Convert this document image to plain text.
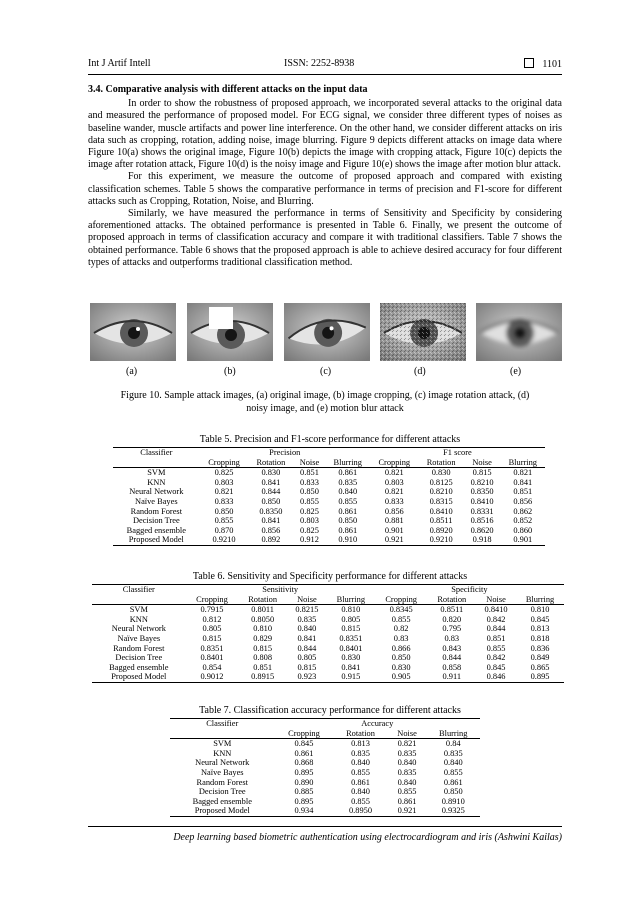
Int J Artif Intell	ISSN: 2252-8938	1101
3.4. Comparative analysis with different attacks on the input data

In order to show the robustness of proposed approach, we incorporated several attacks to the original data and measured the performance of proposed model. For ECG signal, we consider three different types of noises as baseline wander, muscle artifacts and power line interference. On the other hand, we consider different attacks on iris data such as cropping, rotation, adding noise, image blurring. Figure 9 depicts different attacks on image data where Figure 10(a) shows the original image, Figure 10(b) depicts the image with cropping attack, Figure 10(c) depicts the image after rotation attack, Figure 10(d) is the noisy image and Figure 10(e) shows the image after motion blur attack.

For this experiment, we measure the outcome of proposed approach and compared with existing classification schemes. Table 5 shows the comparative performance in terms of precision and F1-score for different attacks such as Cropping, Rotation, Noise, and Blurring.

Similarly, we have measured the performance in terms of Sensitivity and Specificity by considering aforementioned attacks. The obtained performance is presented in Table 6. Finally, we present the outcome of proposed approach in terms of classification accuracy and compare it with traditional classifiers. Table 7 shows the obtained performance. Table 6 shows that the proposed approach is able to achieve desired accuracy for four different types of attacks and outperforms traditional classification method.

(a)	(b)	(c)	(d)	(e)
Figure 10. Sample attack images, (a) original image, (b) image cropping, (c) image rotation attack, (d) noisy image, and (e) motion blur attack
Table 5. Precision and F1-score performance for different attacks
Classifier	Precision				F1 score			
	Cropping	Rotation	Noise	Blurring	Cropping	Rotation	Noise	Blurring
SVM	0.825	0.830	0.851	0.861	0.821	0.830	0.815	0.821
KNN	0.803	0.841	0.833	0.835	0.803	0.8125	0.8210	0.841
Neural Network	0.821	0.844	0.850	0.840	0.821	0.8210	0.8350	0.851
Naïve Bayes	0.833	0.850	0.855	0.855	0.833	0.8315	0.8410	0.856
Random Forest	0.850	0.8350	0.825	0.861	0.856	0.8410	0.8331	0.862
Decision Tree	0.855	0.841	0.803	0.850	0.881	0.8511	0.8516	0.852
Bagged ensemble	0.870	0.856	0.825	0.861	0.901	0.8920	0.8620	0.860
Proposed Model	0.9210	0.892	0.912	0.910	0.921	0.9210	0.918	0.901
Table 6. Sensitivity and Specificity performance for different attacks
Classifier	Sensitivity				Specificity			
	Cropping	Rotation	Noise	Blurring	Cropping	Rotation	Noise	Blurring
SVM	0.7915	0.8011	0.8215	0.810	0.8345	0.8511	0.8410	0.810
KNN	0.812	0.8050	0.835	0.805	0.855	0.820	0.842	0.845
Neural Network	0.805	0.810	0.840	0.815	0.82	0.795	0.844	0.813
Naïve Bayes	0.815	0.829	0.841	0.8351	0.83	0.83	0.851	0.818
Random Forest	0.8351	0.815	0.844	0.8401	0.866	0.843	0.855	0.836
Decision Tree	0.8401	0.808	0.805	0.830	0.850	0.844	0.842	0.849
Bagged ensemble	0.854	0.851	0.815	0.841	0.830	0.858	0.845	0.865
Proposed Model	0.9012	0.8915	0.923	0.915	0.905	0.911	0.846	0.895
Table 7. Classification accuracy performance for different attacks
Classifier	Accuracy			
	Cropping	Rotation	Noise	Blurring
SVM	0.845	0.813	0.821	0.84
KNN	0.861	0.835	0.835	0.835
Neural Network	0.868	0.840	0.840	0.840
Naïve Bayes	0.895	0.855	0.835	0.855
Random Forest	0.890	0.861	0.840	0.861
Decision Tree	0.885	0.840	0.855	0.850
Bagged ensemble	0.895	0.855	0.861	0.8910
Proposed Model	0.934	0.8950	0.921	0.9325
Deep learning based biometric authentication using electrocardiogram and iris (Ashwini Kailas)
